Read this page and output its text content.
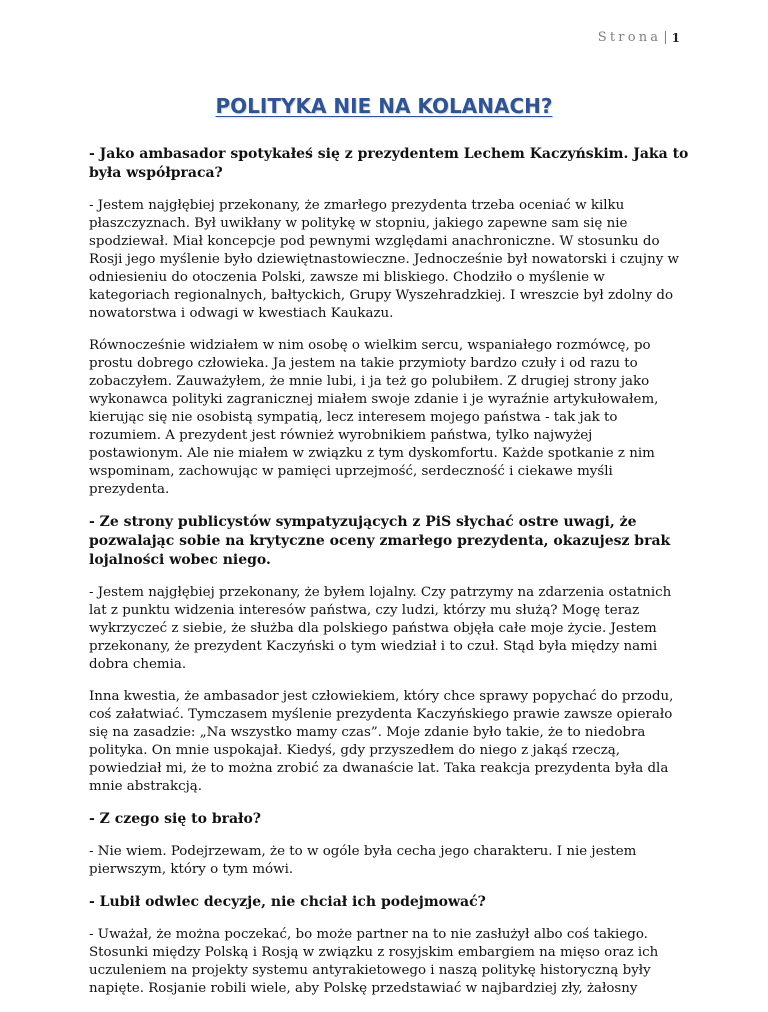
Strona | 1
POLITYKA NIE NA KOLANACH?

- Jako ambasador spotykałeś się z prezydentem Lechem Kaczyńskim. Jaka to była współpraca?

- Jestem najgłębiej przekonany, że zmarłego prezydenta trzeba oceniać w kilku płaszczyznach. Był uwikłany w politykę w stopniu, jakiego zapewne sam się nie spodziewał. Miał koncepcje pod pewnymi względami anachroniczne. W stosunku do Rosji jego myślenie było dziewiętnastowieczne. Jednocześnie był nowatorski i czujny w odniesieniu do otoczenia Polski, zawsze mi bliskiego. Chodziło o myślenie w kategoriach regionalnych, bałtyckich, Grupy Wyszehradzkiej. I wreszcie był zdolny do nowatorstwa i odwagi w kwestiach Kaukazu.

Równocześnie widziałem w nim osobę o wielkim sercu, wspaniałego rozmówcę, po prostu dobrego człowieka. Ja jestem na takie przymioty bardzo czuły i od razu to zobaczyłem. Zauważyłem, że mnie lubi, i ja też go polubiłem. Z drugiej strony jako wykonawca polityki zagranicznej miałem swoje zdanie i je wyraźnie artykułowałem, kierując się nie osobistą sympatią, lecz interesem mojego państwa - tak jak to rozumiem. A prezydent jest również wyrobnikiem państwa, tylko najwyżej postawionym. Ale nie miałem w związku z tym dyskomfortu. Każde spotkanie z nim wspominam, zachowując w pamięci uprzejmość, serdeczność i ciekawe myśli prezydenta.

- Ze strony publicystów sympatyzujących z PiS słychać ostre uwagi, że pozwalając sobie na krytyczne oceny zmarłego prezydenta, okazujesz brak lojalności wobec niego.

- Jestem najgłębiej przekonany, że byłem lojalny. Czy patrzymy na zdarzenia ostatnich lat z punktu widzenia interesów państwa, czy ludzi, którzy mu służą? Mogę teraz wykrzyczeć z siebie, że służba dla polskiego państwa objęła całe moje życie. Jestem przekonany, że prezydent Kaczyński o tym wiedział i to czuł. Stąd była między nami dobra chemia.

Inna kwestia, że ambasador jest człowiekiem, który chce sprawy popychać do przodu, coś załatwiać. Tymczasem myślenie prezydenta Kaczyńskiego prawie zawsze opierało się na zasadzie: „Na wszystko mamy czas”. Moje zdanie było takie, że to niedobra polityka. On mnie uspokajał. Kiedyś, gdy przyszedłem do niego z jakąś rzeczą, powiedział mi, że to można zrobić za dwanaście lat. Taka reakcja prezydenta była dla mnie abstrakcją.

- Z czego się to brało?

- Nie wiem. Podejrzewam, że to w ogóle była cecha jego charakteru. I nie jestem pierwszym, który o tym mówi.

- Lubił odwlec decyzje, nie chciał ich podejmować?

- Uważał, że można poczekać, bo może partner na to nie zasłużył albo coś takiego. Stosunki między Polską i Rosją w związku z rosyjskim embargiem na mięso oraz ich uczuleniem na projekty systemu antyrakietowego i naszą politykę historyczną były napięte. Rosjanie robili wiele, aby Polskę przedstawiać w najbardziej zły, żałosny
